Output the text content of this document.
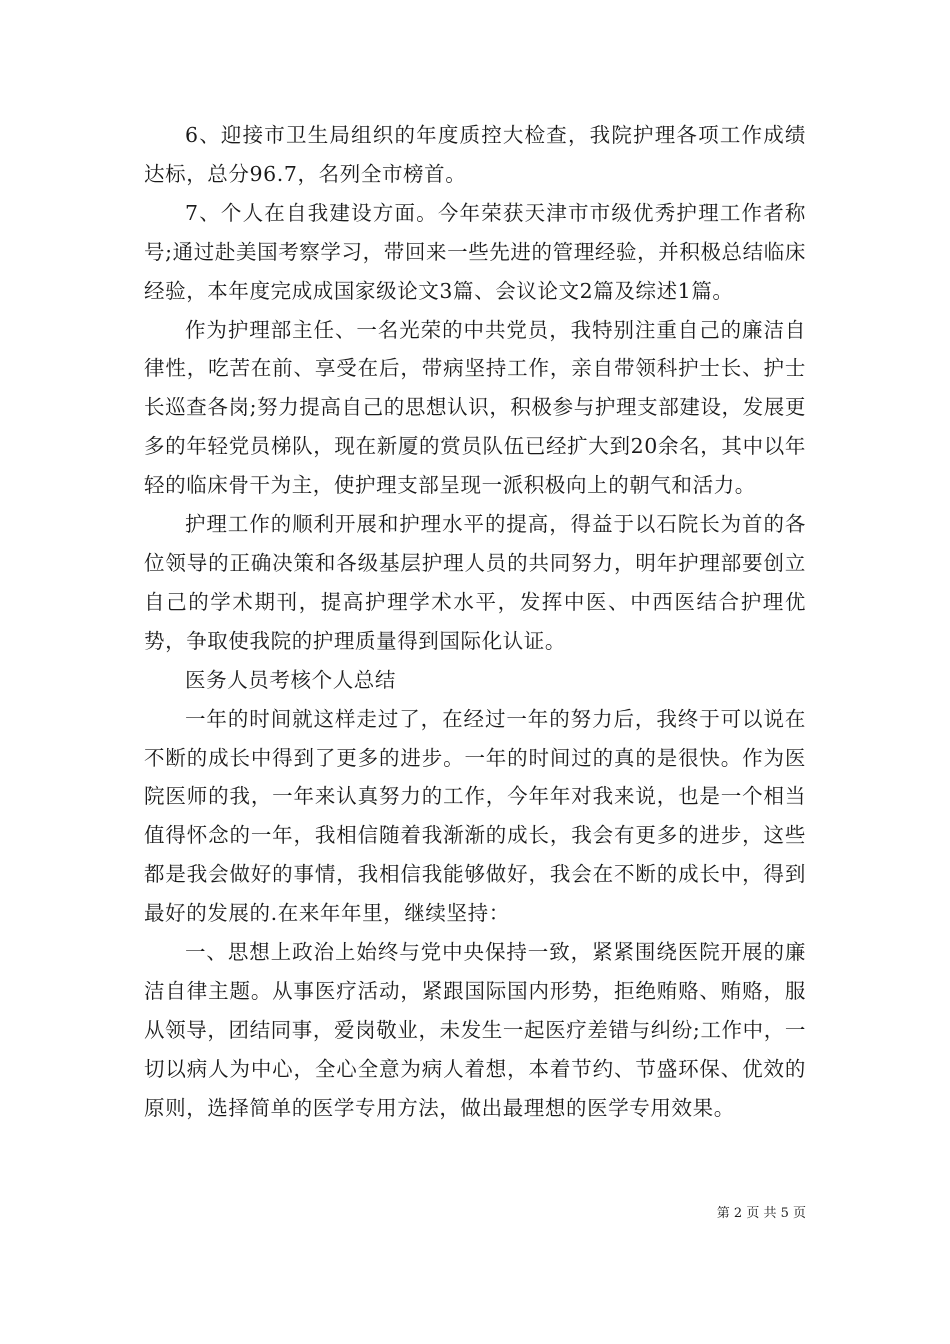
6、迎接市卫生局组织的年度质控大检查，我院护理各项工作成绩达标，总分96.7，名列全市榜首。

7、个人在自我建设方面。今年荣获天津市市级优秀护理工作者称号;通过赴美国考察学习，带回来一些先进的管理经验，并积极总结临床经验，本年度完成成国家级论文3篇、会议论文2篇及综述1篇。

作为护理部主任、一名光荣的中共党员，我特别注重自己的廉洁自律性，吃苦在前、享受在后，带病坚持工作，亲自带领科护士长、护士长巡查各岗;努力提高自己的思想认识，积极参与护理支部建设，发展更多的年轻党员梯队，现在新厦的赏员队伍已经扩大到20余名，其中以年轻的临床骨干为主，使护理支部呈现一派积极向上的朝气和活力。

护理工作的顺利开展和护理水平的提高，得益于以石院长为首的各位领导的正确决策和各级基层护理人员的共同努力，明年护理部要创立自己的学术期刊，提高护理学术水平，发挥中医、中西医结合护理优势，争取使我院的护理质量得到国际化认证。

医务人员考核个人总结

一年的时间就这样走过了，在经过一年的努力后，我终于可以说在不断的成长中得到了更多的进步。一年的时间过的真的是很快。作为医院医师的我，一年来认真努力的工作，今年年对我来说，也是一个相当值得怀念的一年，我相信随着我渐渐的成长，我会有更多的进步，这些都是我会做好的事情，我相信我能够做好，我会在不断的成长中，得到最好的发展的.在来年年里，继续坚持：

一、思想上政治上始终与党中央保持一致，紧紧围绕医院开展的廉洁自律主题。从事医疗活动，紧跟国际国内形势，拒绝贿赂、贿赂，服从领导，团结同事，爱岗敬业，未发生一起医疗差错与纠纷;工作中，一切以病人为中心，全心全意为病人着想，本着节约、节盛环保、优效的原则，选择简单的医学专用方法，做出最理想的医学专用效果。

第 2 页 共 5 页
